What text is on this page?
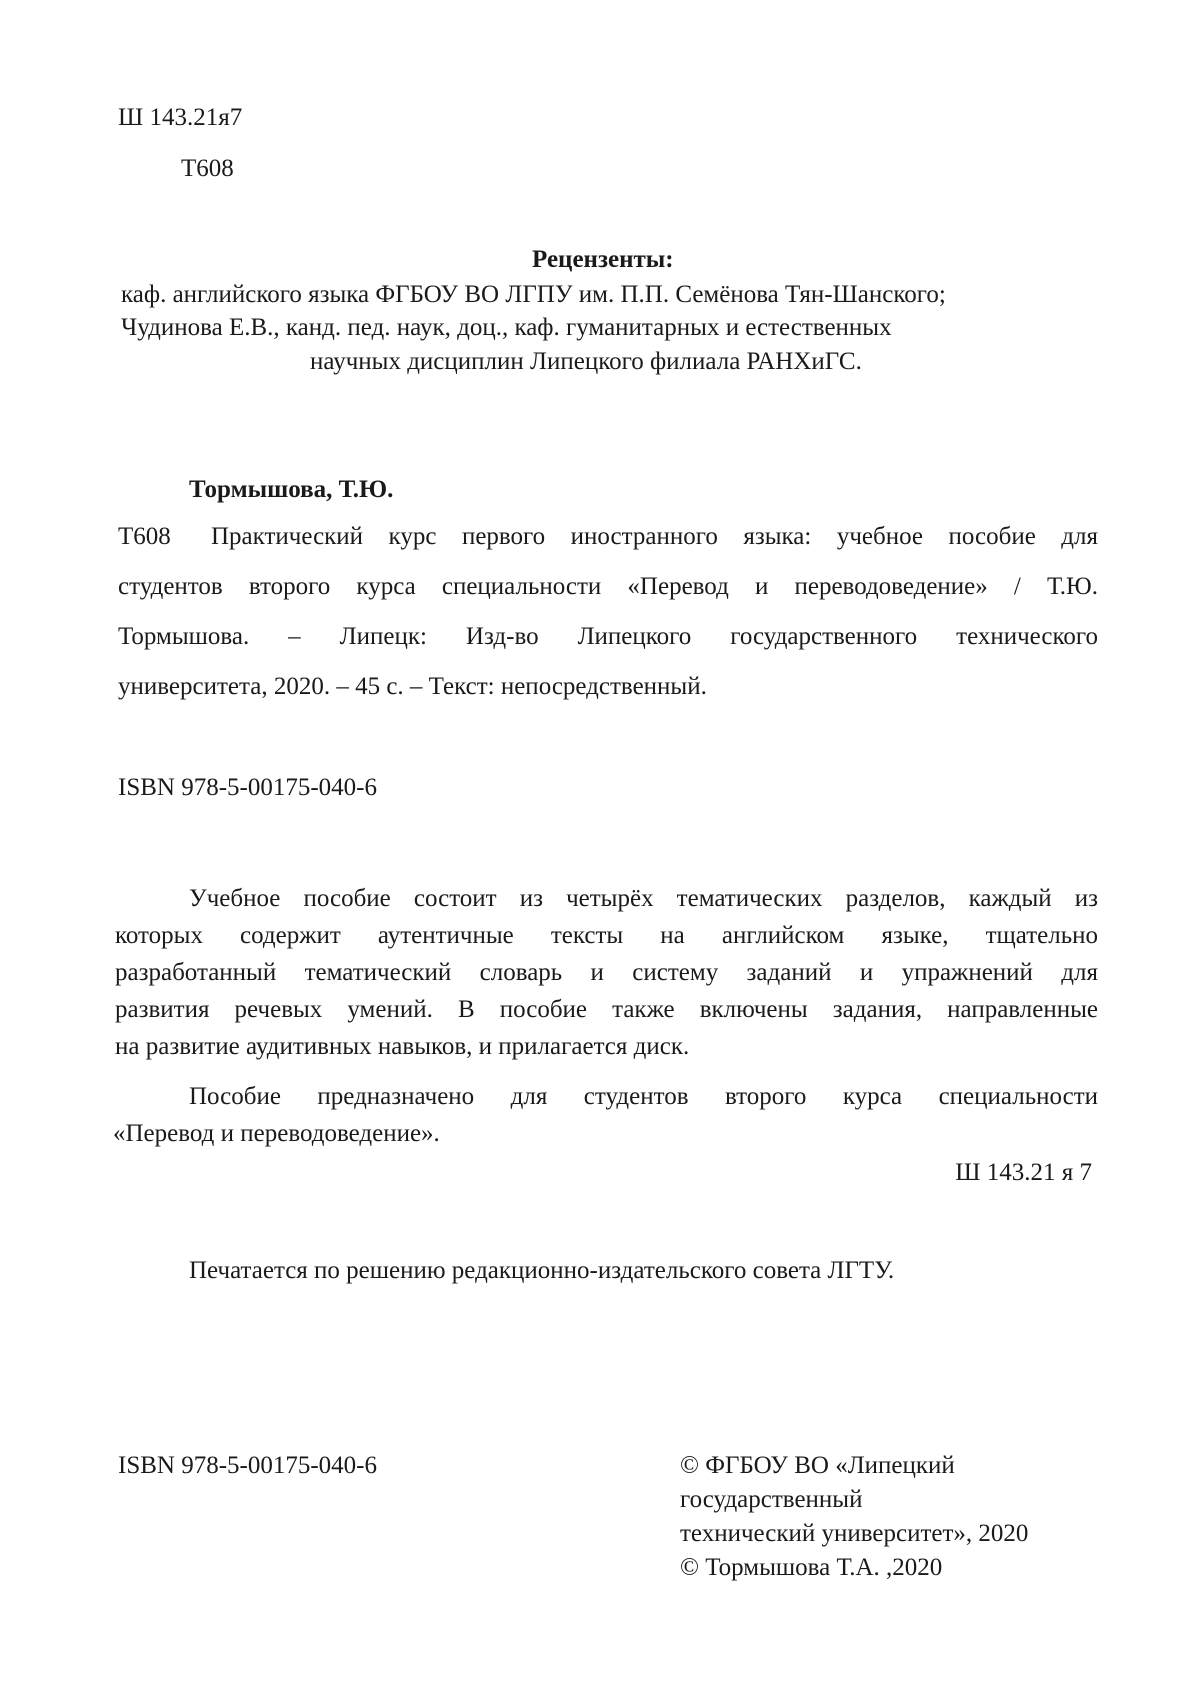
Ш 143.21я7
Т608
Рецензенты:
каф. английского языка ФГБОУ ВО ЛГПУ им. П.П. Семёнова Тян-Шанского;
Чудинова Е.В., канд. пед. наук, доц., каф. гуманитарных и естественных
научных дисциплин Липецкого филиала РАНХиГС.
Тормышова, Т.Ю.
Т608 Практический курс первого иностранного языка: учебное пособие для
студентов второго курса специальности «Перевод и переводоведение» / Т.Ю.
Тормышова. – Липецк: Изд-во Липецкого государственного технического
университета, 2020. – 45 с. – Текст: непосредственный.
ISBN 978-5-00175-040-6
Учебное пособие состоит из четырёх тематических разделов, каждый из
которых содержит аутентичные тексты на английском языке, тщательно
разработанный тематический словарь и систему заданий и упражнений для
развития речевых умений. В пособие также включены задания, направленные
на развитие аудитивных навыков, и прилагается диск.
Пособие предназначено для студентов второго курса специальности
«Перевод и переводоведение».
Ш 143.21 я 7
Печатается по решению редакционно-издательского совета ЛГТУ.
ISBN 978-5-00175-040-6	© ФГБОУ ВО «Липецкий
государственный
технический университет», 2020
© Тормышова Т.А. ,2020
